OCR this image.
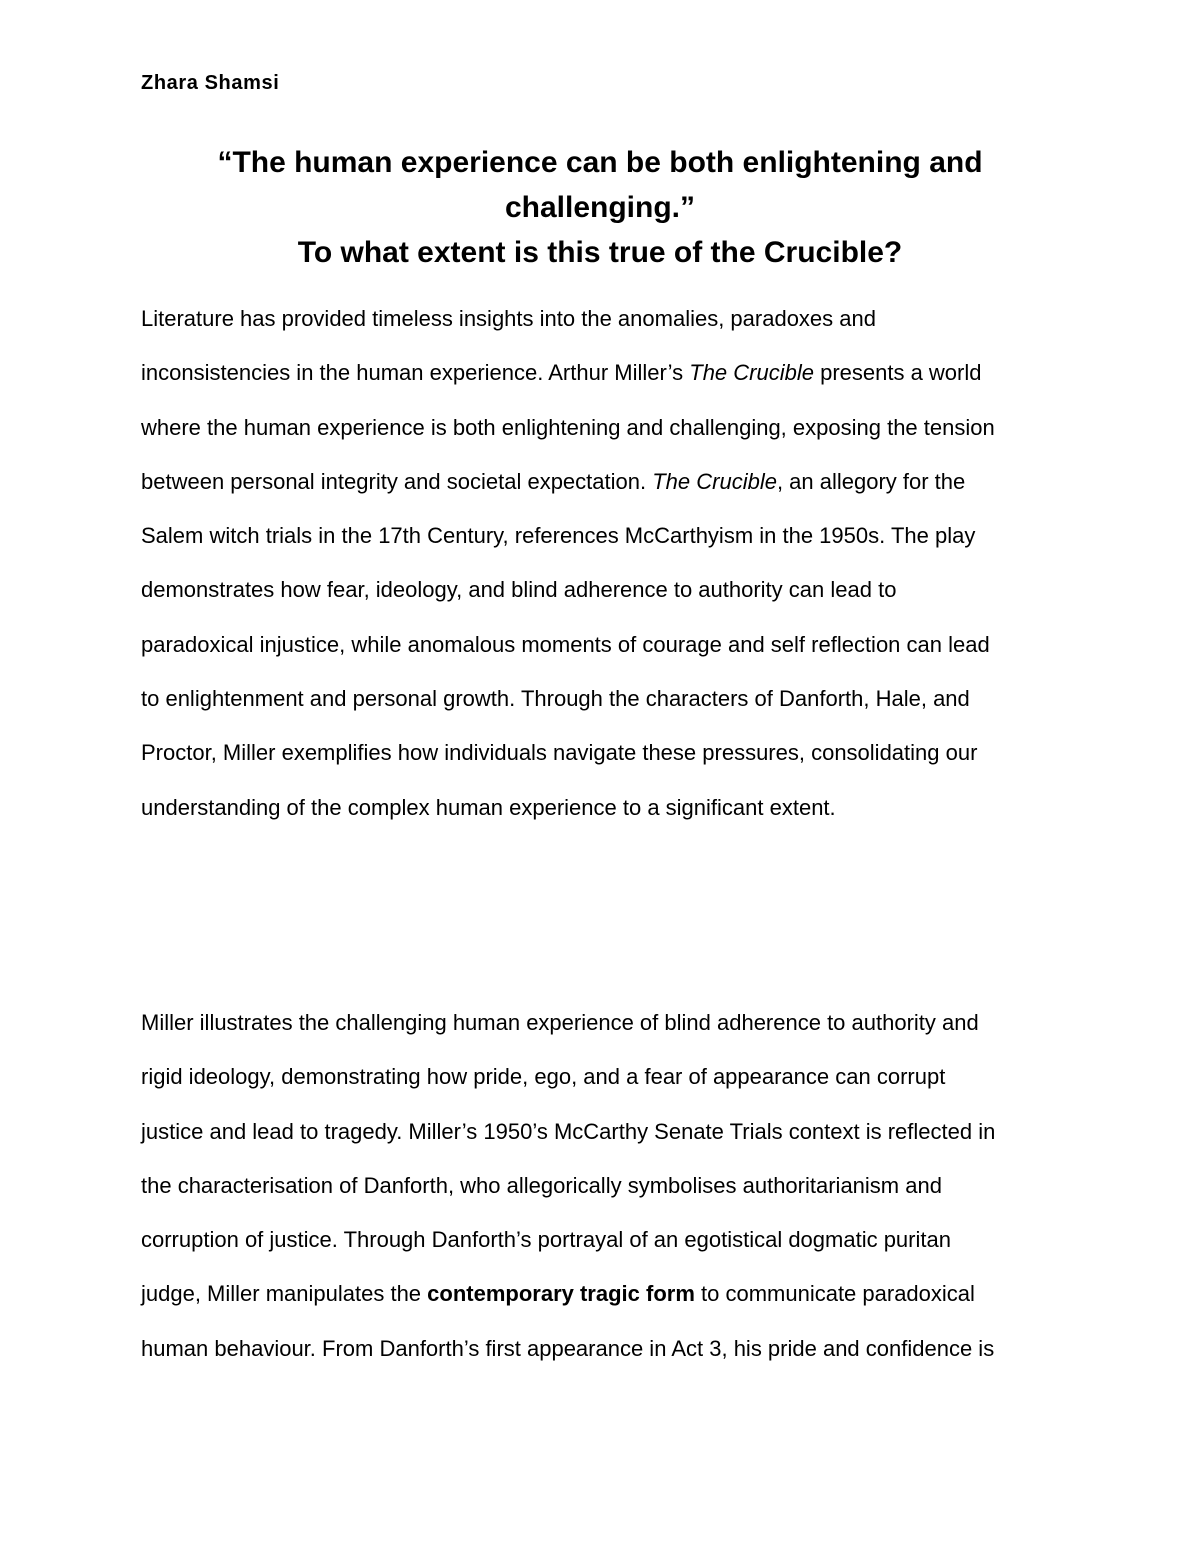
Zhara Shamsi
“The human experience can be both enlightening and
challenging.”
To what extent is this true of the Crucible?
Literature has provided timeless insights into the anomalies, paradoxes and
inconsistencies in the human experience. Arthur Miller’s The Crucible presents a world
where the human experience is both enlightening and challenging, exposing the tension
between personal integrity and societal expectation. The Crucible, an allegory for the
Salem witch trials in the 17th Century, references McCarthyism in the 1950s. The play
demonstrates how fear, ideology, and blind adherence to authority can lead to
paradoxical injustice, while anomalous moments of courage and self reflection can lead
to enlightenment and personal growth. Through the characters of Danforth, Hale, and
Proctor, Miller exemplifies how individuals navigate these pressures, consolidating our
understanding of the complex human experience to a significant extent.
Miller illustrates the challenging human experience of blind adherence to authority and
rigid ideology, demonstrating how pride, ego, and a fear of appearance can corrupt
justice and lead to tragedy. Miller’s 1950’s McCarthy Senate Trials context is reflected in
the characterisation of Danforth, who allegorically symbolises authoritarianism and
corruption of justice. Through Danforth’s portrayal of an egotistical dogmatic puritan
judge, Miller manipulates the contemporary tragic form to communicate paradoxical
human behaviour. From Danforth’s first appearance in Act 3, his pride and confidence is
